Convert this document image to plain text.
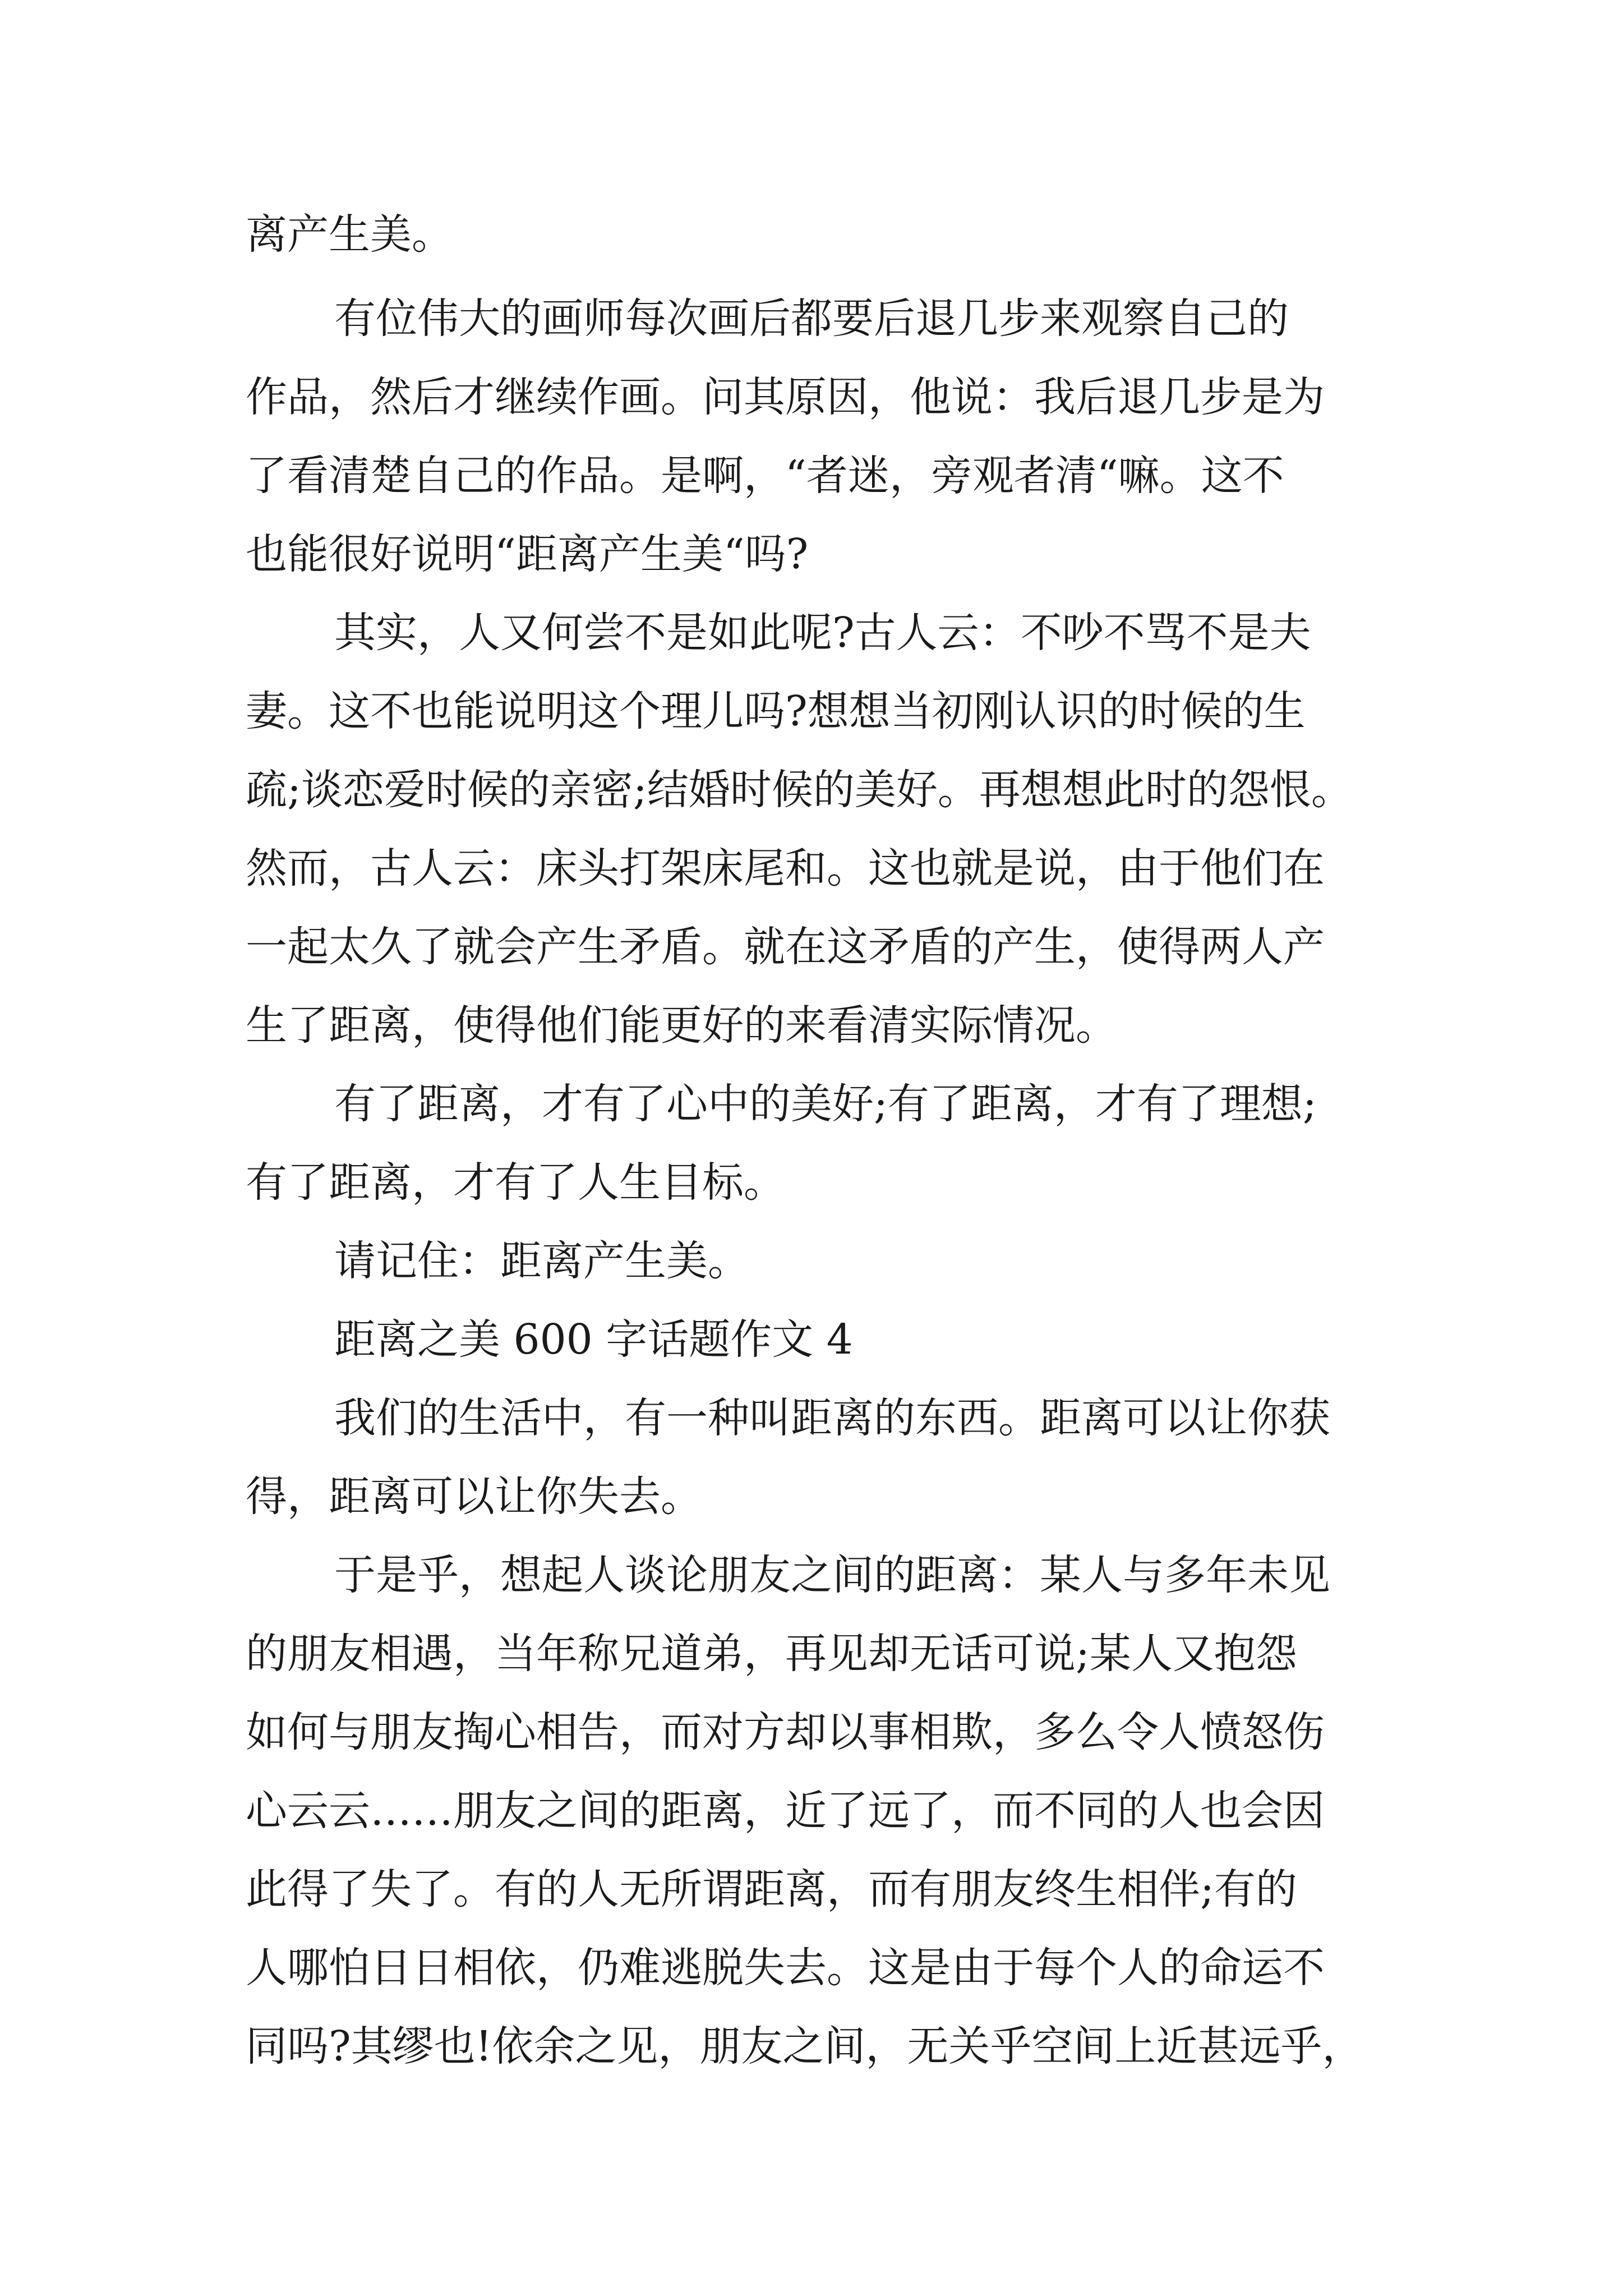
离产生美。

有位伟大的画师每次画后都要后退几步来观察自己的

作品，然后才继续作画。问其原因，他说：我后退几步是为

了看清楚自己的作品。是啊，“者迷，旁观者清“嘛。这不

也能很好说明“距离产生美“吗?

其实，人又何尝不是如此呢?古人云：不吵不骂不是夫

妻。这不也能说明这个理儿吗?想想当初刚认识的时候的生

疏;谈恋爱时候的亲密;结婚时候的美好。再想想此时的怨恨。

然而，古人云：床头打架床尾和。这也就是说，由于他们在

一起太久了就会产生矛盾。就在这矛盾的产生，使得两人产

生了距离，使得他们能更好的来看清实际情况。

有了距离，才有了心中的美好;有了距离，才有了理想;

有了距离，才有了人生目标。

请记住：距离产生美。

距离之美 600 字话题作文 4

我们的生活中，有一种叫距离的东西。距离可以让你获

得，距离可以让你失去。

于是乎，想起人谈论朋友之间的距离：某人与多年未见

的朋友相遇，当年称兄道弟，再见却无话可说;某人又抱怨

如何与朋友掏心相告，而对方却以事相欺，多么令人愤怒伤

心云云……朋友之间的距离，近了远了，而不同的人也会因

此得了失了。有的人无所谓距离，而有朋友终生相伴;有的

人哪怕日日相依，仍难逃脱失去。这是由于每个人的命运不

同吗?其缪也!依余之见，朋友之间，无关乎空间上近甚远乎，
